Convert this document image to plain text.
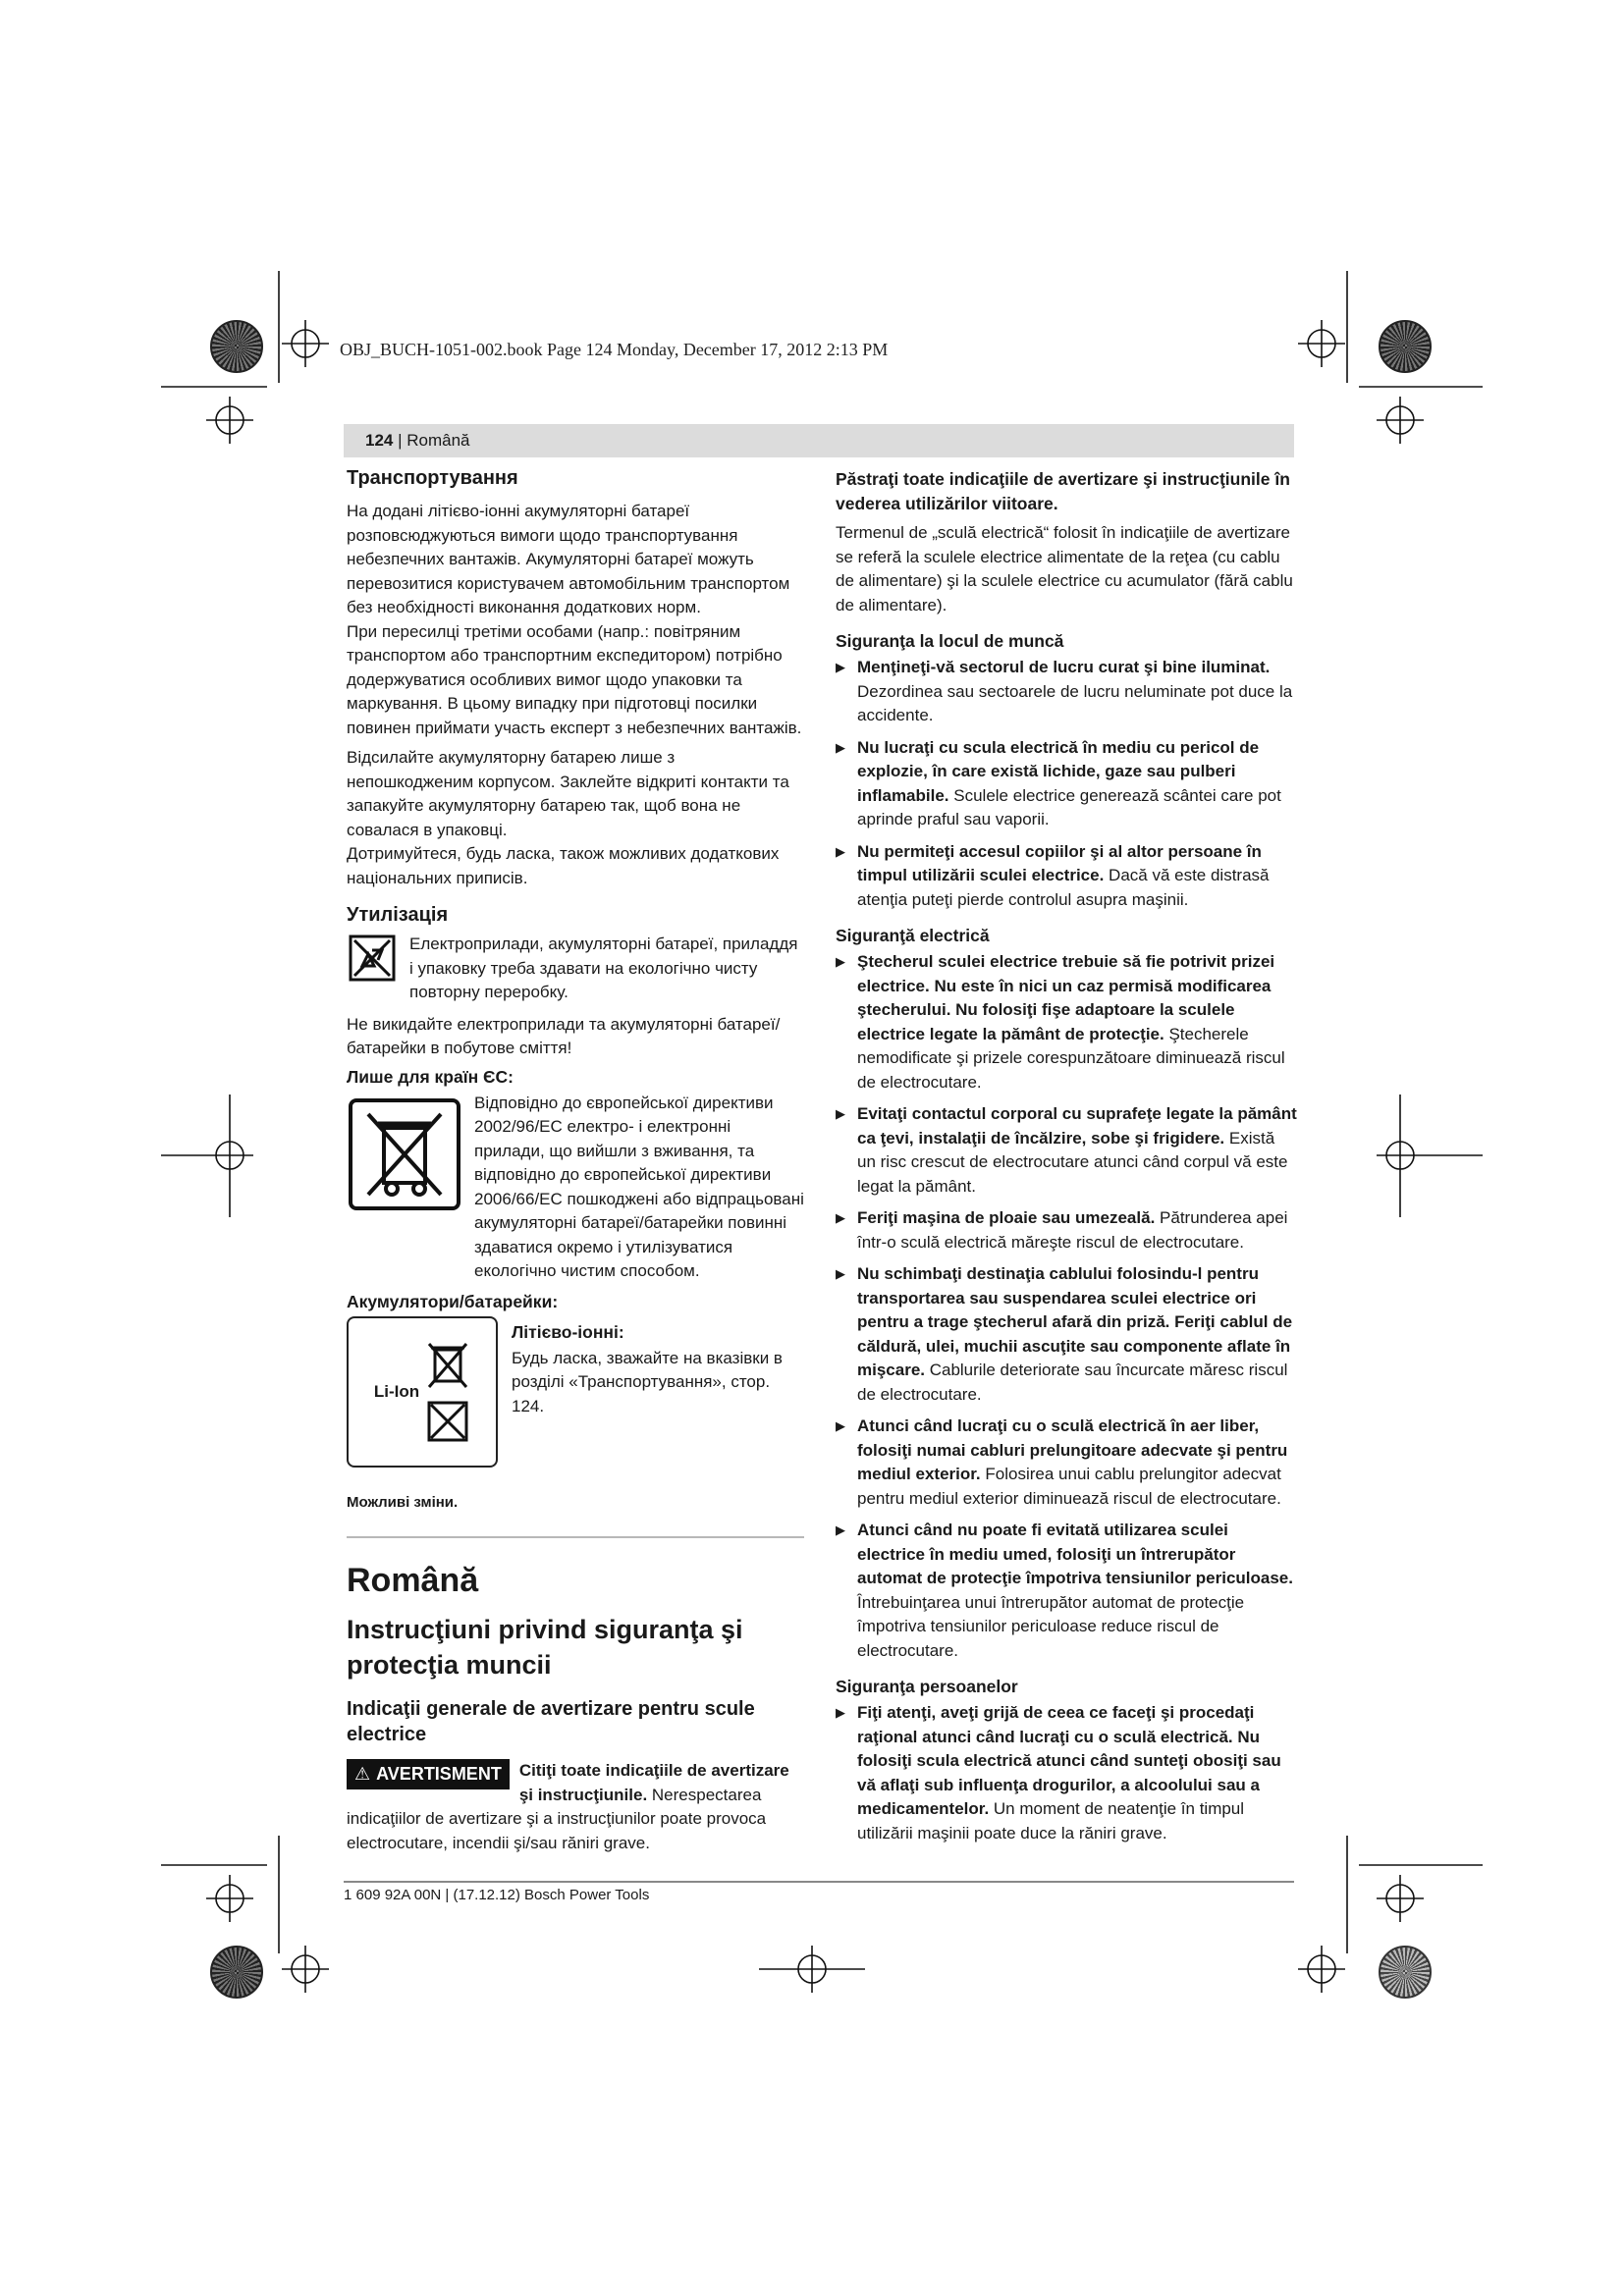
OBJ_BUCH-1051-002.book Page 124 Monday, December 17, 2012 2:13 PM
124 | Română
Транспортування

На додані літієво-іонні акумуляторні батареї розповсюджуються вимоги щодо транспортування небезпечних вантажів. Акумуляторні батареї можуть перевозитися користувачем автомобільним транспортом без необхідності виконання додаткових норм.

При пересилці третіми особами (напр.: повітряним транспортом або транспортним експедитором) потрібно додержуватися особливих вимог щодо упаковки та маркування. В цьому випадку при підготовці посилки повинен приймати участь експерт з небезпечних вантажів.

Відсилайте акумуляторну батарею лише з непошкодженим корпусом. Заклейте відкриті контакти та запакуйте акумуляторну батарею так, щоб вона не совалася в упаковці.

Дотримуйтеся, будь ласка, також можливих додаткових національних приписів.

Утилізація

Електроприлади, акумуляторні батареї, приладдя і упаковку треба здавати на екологічно чисту повторну переробку.

Не викидайте електроприлади та акумуляторні батареї/батарейки в побутове сміття!

Лише для країн ЄС:

Відповідно до європейської директиви 2002/96/EC електро- і електронні прилади, що вийшли з вживання, та відповідно до європейської директиви 2006/66/EC пошкоджені або відпрацьовані акумуляторні батареї/батарейки повинні здаватися окремо і утилізуватися екологічно чистим способом.

Акумулятори/батарейки:
Li-Ion
Літієво-іонні:

Будь ласка, зважайте на вказівки в розділі «Транспортування», стор. 124.

Можливі зміни.

Română
Instrucţiuni privind siguranţa şi protecţia muncii
Indicaţii generale de avertizare pentru scule electrice
⚠ AVERTISMENT Citiţi toate indicaţiile de avertizare şi instrucţiunile. Nerespectarea indicaţiilor de avertizare şi a instrucţiunilor poate provoca electrocutare, incendii şi/sau răniri grave.

Păstraţi toate indicaţiile de avertizare şi instrucţiunile în vederea utilizărilor viitoare.

Termenul de „sculă electrică“ folosit în indicaţiile de avertizare se referă la sculele electrice alimentate de la reţea (cu cablu de alimentare) şi la sculele electrice cu acumulator (fără cablu de alimentare).

Siguranţa la locul de muncă
▶ Menţineţi-vă sectorul de lucru curat şi bine iluminat. Dezordinea sau sectoarele de lucru neluminate pot duce la accidente.
▶ Nu lucraţi cu scula electrică în mediu cu pericol de explozie, în care există lichide, gaze sau pulberi inflamabile. Sculele electrice generează scântei care pot aprinde praful sau vaporii.
▶ Nu permiteţi accesul copiilor şi al altor persoane în timpul utilizării sculei electrice. Dacă vă este distrasă atenţia puteţi pierde controlul asupra maşinii.
Siguranţă electrică
▶ Ştecherul sculei electrice trebuie să fie potrivit prizei electrice. Nu este în nici un caz permisă modificarea ştecherului. Nu folosiţi fişe adaptoare la sculele electrice legate la pământ de protecţie. Ştecherele nemodificate şi prizele corespunzătoare diminuează riscul de electrocutare.
▶ Evitaţi contactul corporal cu suprafeţe legate la pământ ca ţevi, instalaţii de încălzire, sobe şi frigidere. Există un risc crescut de electrocutare atunci când corpul vă este legat la pământ.
▶ Feriţi maşina de ploaie sau umezeală. Pătrunderea apei într-o sculă electrică măreşte riscul de electrocutare.
▶ Nu schimbaţi destinaţia cablului folosindu-l pentru transportarea sau suspendarea sculei electrice ori pentru a trage ştecherul afară din priză. Feriţi cablul de căldură, ulei, muchii ascuţite sau componente aflate în mişcare. Cablurile deteriorate sau încurcate măresc riscul de electrocutare.
▶ Atunci când lucraţi cu o sculă electrică în aer liber, folosiţi numai cabluri prelungitoare adecvate şi pentru mediul exterior. Folosirea unui cablu prelungitor adecvat pentru mediul exterior diminuează riscul de electrocutare.
▶ Atunci când nu poate fi evitată utilizarea sculei electrice în mediu umed, folosiţi un întrerupător automat de protecţie împotriva tensiunilor periculoase. Întrebuinţarea unui întrerupător automat de protecţie împotriva tensiunilor periculoase reduce riscul de electrocutare.
Siguranţa persoanelor
▶ Fiţi atenţi, aveţi grijă de ceea ce faceţi şi procedaţi raţional atunci când lucraţi cu o sculă electrică. Nu folosiţi scula electrică atunci când sunteţi obosiţi sau vă aflaţi sub influenţa drogurilor, a alcoolului sau a medicamentelor. Un moment de neatenţie în timpul utilizării maşinii poate duce la răniri grave.
1 609 92A 00N | (17.12.12) Bosch Power Tools
